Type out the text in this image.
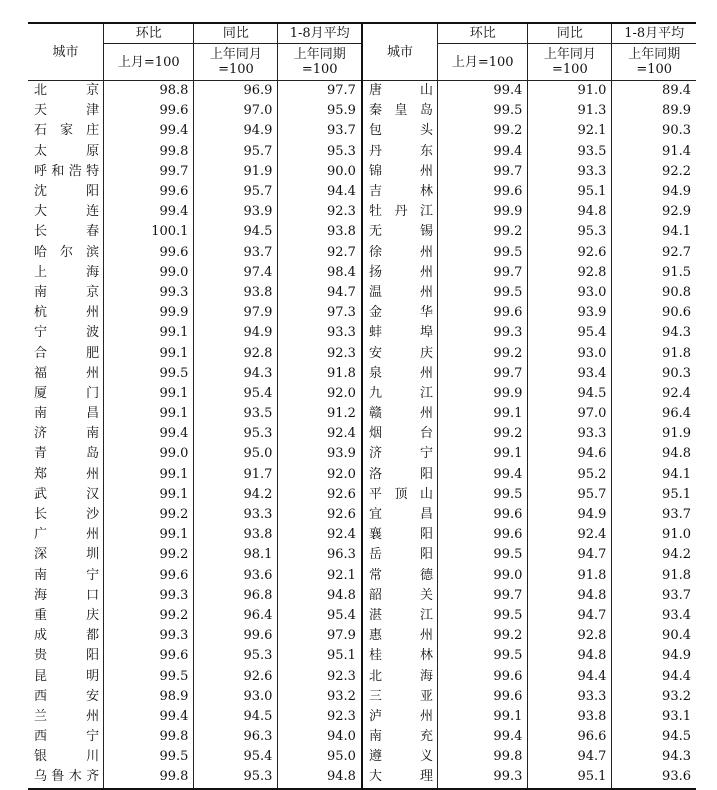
城市	环比	同比	1-8月平均	城市	环比	同比	1-8月平均
	上月=100	上年同月=100	上年同期=100		上月=100	上年同月=100	上年同期=100
北京	98.8	96.9	97.7	唐山	99.4	91.0	89.4
天津	99.6	97.0	95.9	秦皇岛	99.5	91.3	89.9
石家庄	99.4	94.9	93.7	包头	99.2	92.1	90.3
太原	99.8	95.7	95.3	丹东	99.4	93.5	91.4
呼和浩特	99.7	91.9	90.0	锦州	99.7	93.3	92.2
沈阳	99.6	95.7	94.4	吉林	99.6	95.1	94.9
大连	99.4	93.9	92.3	牡丹江	99.9	94.8	92.9
长春	100.1	94.5	93.8	无锡	99.2	95.3	94.1
哈尔滨	99.6	93.7	92.7	徐州	99.5	92.6	92.7
上海	99.0	97.4	98.4	扬州	99.7	92.8	91.5
南京	99.3	93.8	94.7	温州	99.5	93.0	90.8
杭州	99.9	97.9	97.3	金华	99.6	93.9	90.6
宁波	99.1	94.9	93.3	蚌埠	99.3	95.4	94.3
合肥	99.1	92.8	92.3	安庆	99.2	93.0	91.8
福州	99.5	94.3	91.8	泉州	99.7	93.4	90.3
厦门	99.1	95.4	92.0	九江	99.9	94.5	92.4
南昌	99.1	93.5	91.2	赣州	99.1	97.0	96.4
济南	99.4	95.3	92.4	烟台	99.2	93.3	91.9
青岛	99.0	95.0	93.9	济宁	99.1	94.6	94.8
郑州	99.1	91.7	92.0	洛阳	99.4	95.2	94.1
武汉	99.1	94.2	92.6	平顶山	99.5	95.7	95.1
长沙	99.2	93.3	92.6	宜昌	99.6	94.9	93.7
广州	99.1	93.8	92.4	襄阳	99.6	92.4	91.0
深圳	99.2	98.1	96.3	岳阳	99.5	94.7	94.2
南宁	99.6	93.6	92.1	常德	99.0	91.8	91.8
海口	99.3	96.8	94.8	韶关	99.7	94.8	93.7
重庆	99.2	96.4	95.4	湛江	99.5	94.7	93.4
成都	99.3	99.6	97.9	惠州	99.2	92.8	90.4
贵阳	99.6	95.3	95.1	桂林	99.5	94.8	94.9
昆明	99.5	92.6	92.3	北海	99.6	94.4	94.4
西安	98.9	93.0	93.2	三亚	99.6	93.3	93.2
兰州	99.4	94.5	92.3	泸州	99.1	93.8	93.1
西宁	99.8	96.3	94.0	南充	99.4	96.6	94.5
银川	99.5	95.4	95.0	遵义	99.8	94.7	94.3
乌鲁木齐	99.8	95.3	94.8	大理	99.3	95.1	93.6
